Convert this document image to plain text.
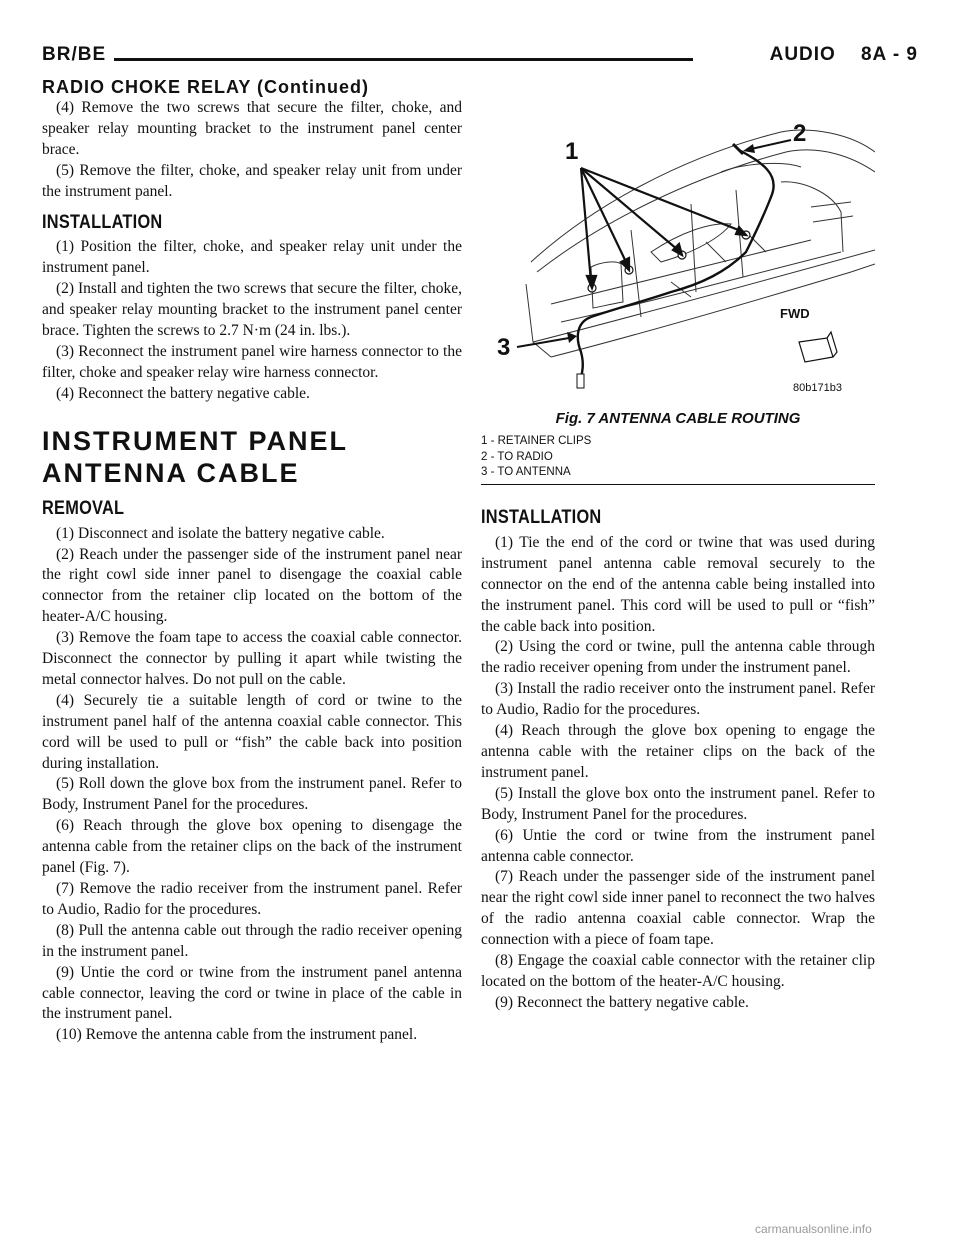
BR/BE	AUDIO 8A - 9
RADIO CHOKE RELAY (Continued)

(4) Remove the two screws that secure the filter, choke, and speaker relay mounting bracket to the instrument panel center brace.

(5) Remove the filter, choke, and speaker relay unit from under the instrument panel.

INSTALLATION

(1) Position the filter, choke, and speaker relay unit under the instrument panel.

(2) Install and tighten the two screws that secure the filter, choke, and speaker relay mounting bracket to the instrument panel center brace. Tighten the screws to 2.7 N·m (24 in. lbs.).

(3) Reconnect the instrument panel wire harness connector to the filter, choke and speaker relay wire harness connector.

(4) Reconnect the battery negative cable.

INSTRUMENT PANEL
ANTENNA CABLE
REMOVAL

(1) Disconnect and isolate the battery negative cable.

(2) Reach under the passenger side of the instrument panel near the right cowl side inner panel to disengage the coaxial cable connector from the retainer clip located on the bottom of the heater-A/C housing.

(3) Remove the foam tape to access the coaxial cable connector. Disconnect the connector by pulling it apart while twisting the metal connector halves. Do not pull on the cable.

(4) Securely tie a suitable length of cord or twine to the instrument panel half of the antenna coaxial cable connector. This cord will be used to pull or “fish” the cable back into position during installation.

(5) Roll down the glove box from the instrument panel. Refer to Body, Instrument Panel for the procedures.

(6) Reach through the glove box opening to disengage the antenna cable from the retainer clips on the back of the instrument panel (Fig. 7).

(7) Remove the radio receiver from the instrument panel. Refer to Audio, Radio for the procedures.

(8) Pull the antenna cable out through the radio receiver opening in the instrument panel.

(9) Untie the cord or twine from the instrument panel antenna cable connector, leaving the cord or twine in place of the cable in the instrument panel.

(10) Remove the antenna cable from the instrument panel.

1
2
3
FWD
80b171b3
Fig. 7 ANTENNA CABLE ROUTING
1 - RETAINER CLIPS
2 - TO RADIO
3 - TO ANTENNA
INSTALLATION

(1) Tie the end of the cord or twine that was used during instrument panel antenna cable removal securely to the connector on the end of the antenna cable being installed into the instrument panel. This cord will be used to pull or “fish” the cable back into position.

(2) Using the cord or twine, pull the antenna cable through the radio receiver opening from under the instrument panel.

(3) Install the radio receiver onto the instrument panel. Refer to Audio, Radio for the procedures.

(4) Reach through the glove box opening to engage the antenna cable with the retainer clips on the back of the instrument panel.

(5) Install the glove box onto the instrument panel. Refer to Body, Instrument Panel for the procedures.

(6) Untie the cord or twine from the instrument panel antenna cable connector.

(7) Reach under the passenger side of the instrument panel near the right cowl side inner panel to reconnect the two halves of the radio antenna coaxial cable connector. Wrap the connection with a piece of foam tape.

(8) Engage the coaxial cable connector with the retainer clip located on the bottom of the heater-A/C housing.

(9) Reconnect the battery negative cable.

carmanualsonline.info
